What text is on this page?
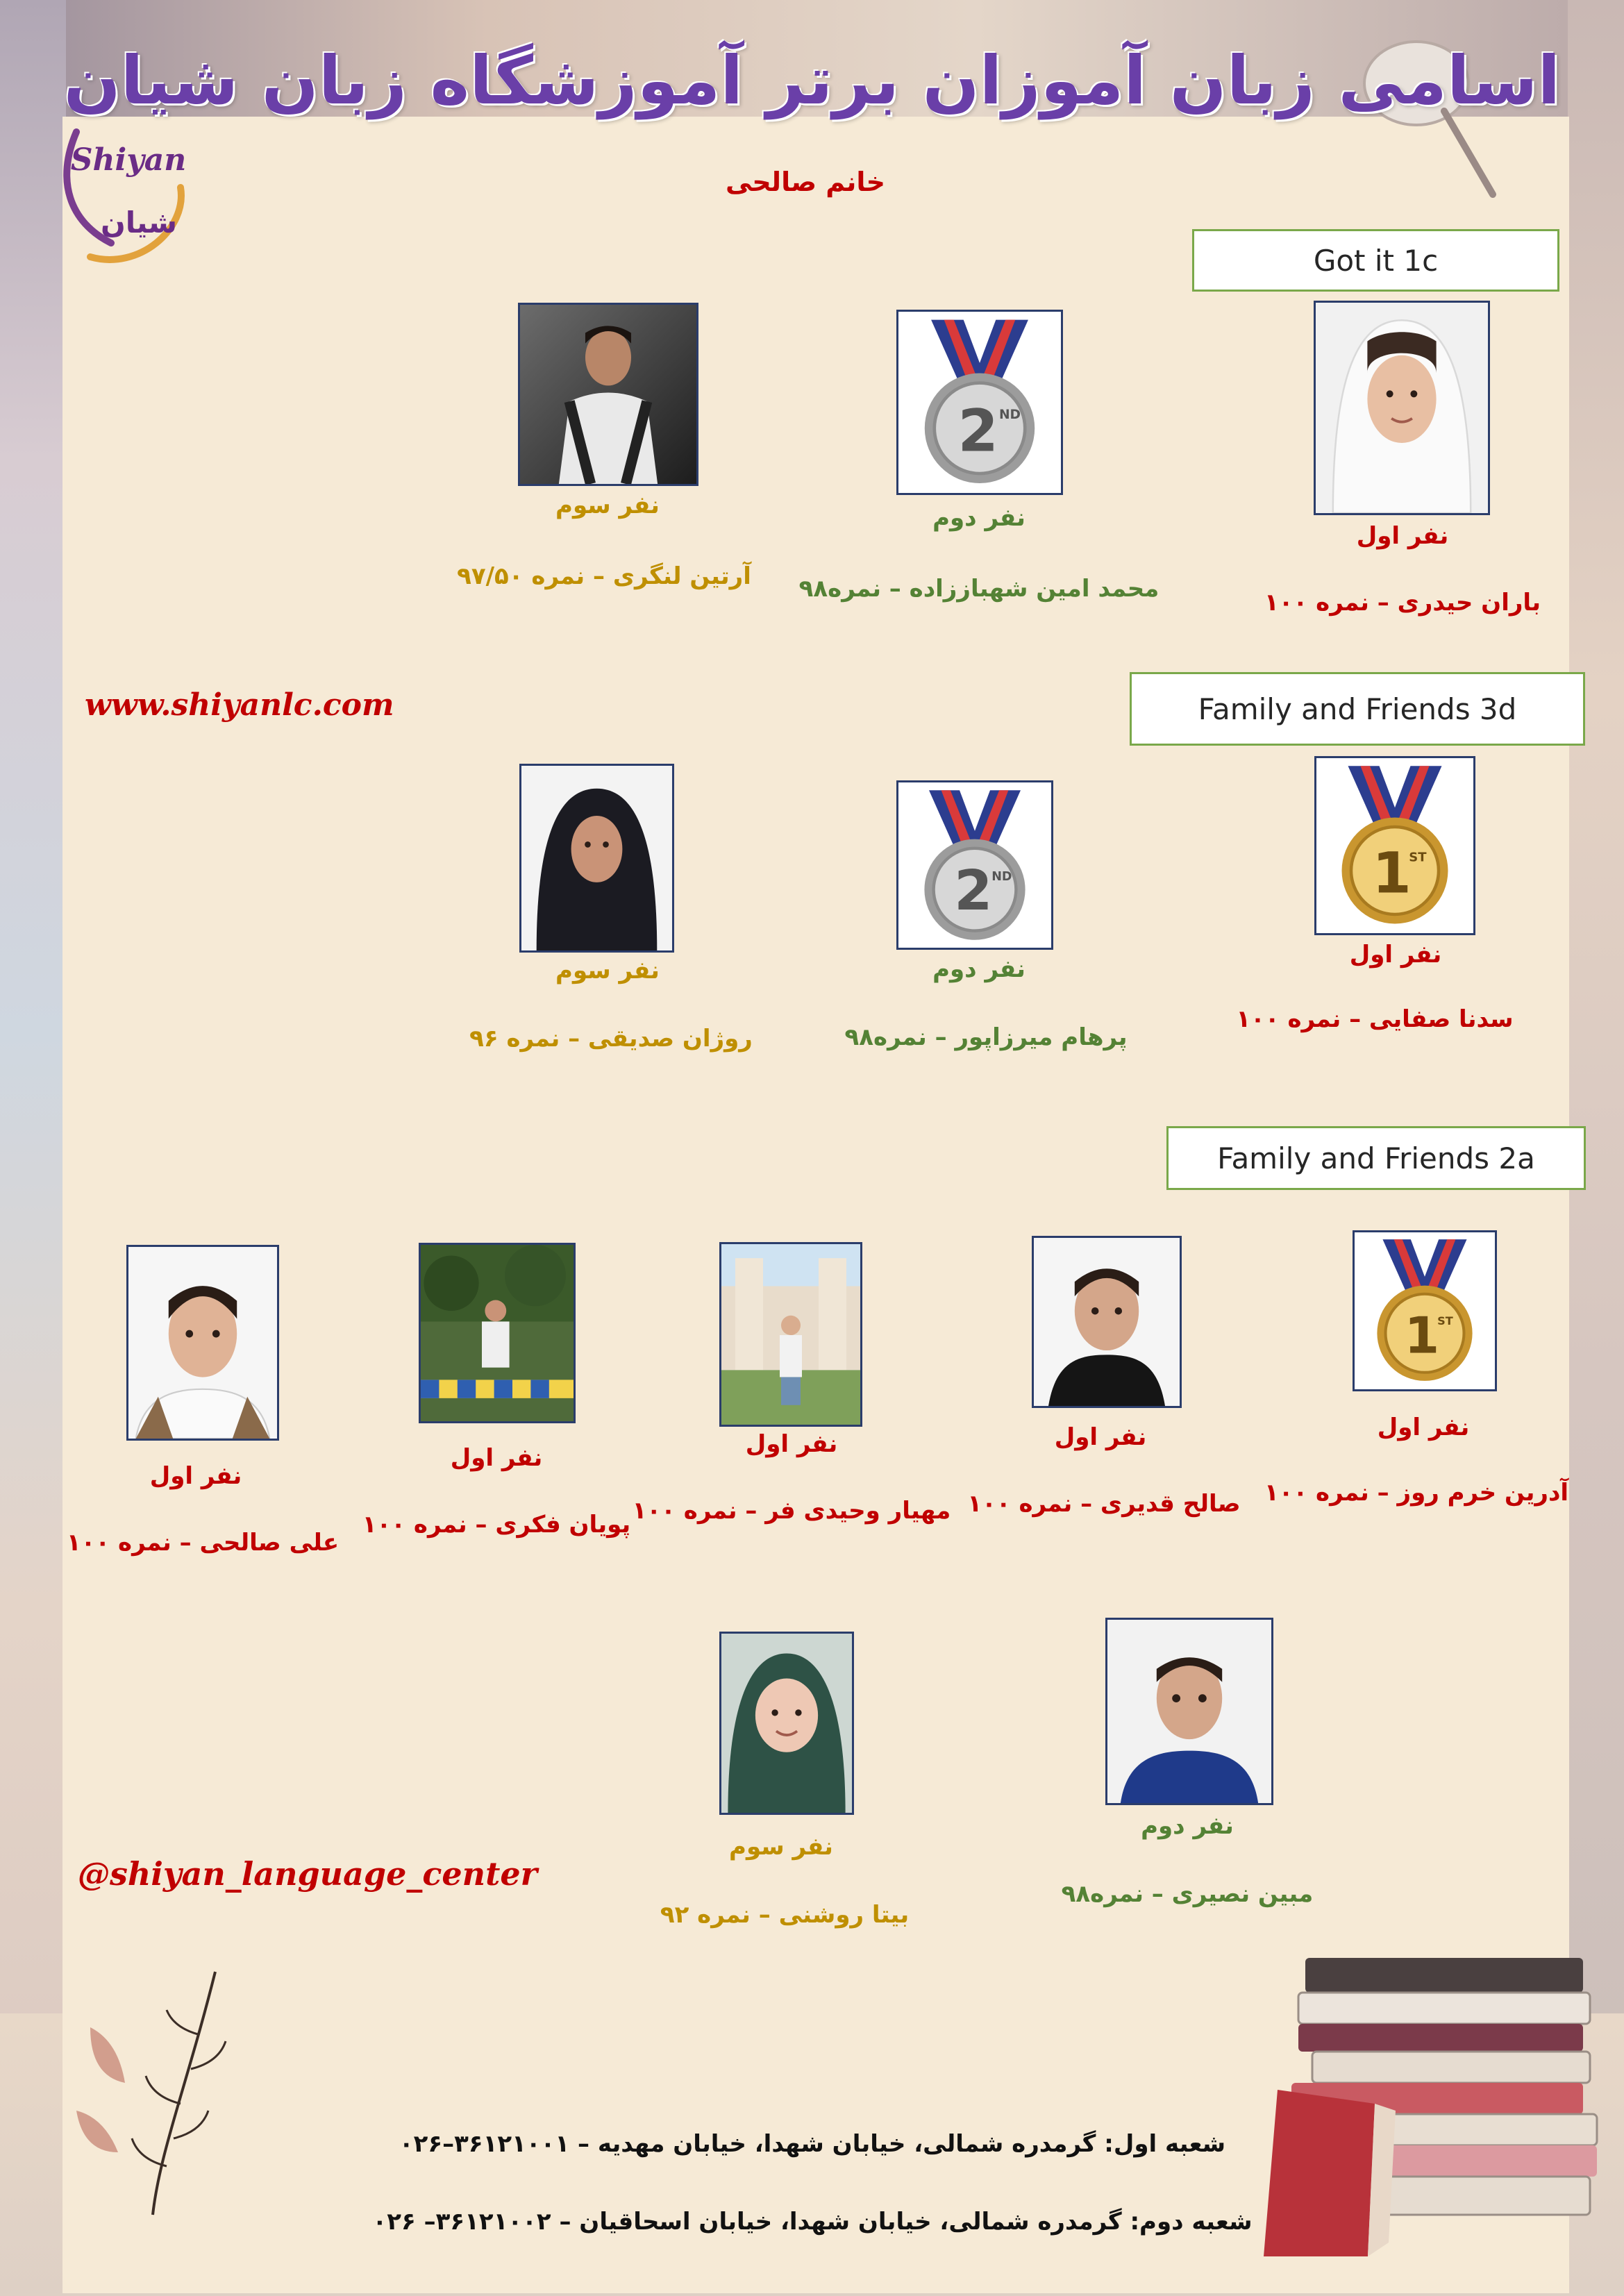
Shiyan
شیان
اسامی زبان آموزان برتر آموزشگاه زبان شیان
خانم صالحی
Got it 1c
نفر اول
باران حیدری – نمره ۱۰۰
2 ND
نفر دوم
محمد امین شهباززاده – نمره۹۸
نفر سوم
آرتین لنگری – نمره ۹۷/۵۰
www.shiyanlc.com	Family and Friends 3d
1
ST
نفر اول
سدنا صفایی – نمره ۱۰۰
2
ND
نفر دوم
پرهام میرزاپور – نمره۹۸
نفر سوم
روژان صدیقی – نمره ۹۶
Family and Friends 2a
1
ST
نفر اول
آدرین خرم روز – نمره ۱۰۰
نفر اول
صالح قدیری – نمره ۱۰۰
نفر اول
مهیار وحیدی فر – نمره ۱۰۰
نفر اول
پویان فکری – نمره ۱۰۰
نفر اول
علی صالحی – نمره ۱۰۰
نفر دوم
مبین نصیری – نمره۹۸
نفر سوم
بیتا روشنی – نمره ۹۲
@shiyan_language_center
شعبه اول: گرمدره شمالی، خیابان شهدا، خیابان مهدیه – ۳۶۱۲۱۰۰۱–۰۲۶
شعبه دوم: گرمدره شمالی، خیابان شهدا، خیابان اسحاقیان – ۳۶۱۲۱۰۰۲– ۰۲۶
